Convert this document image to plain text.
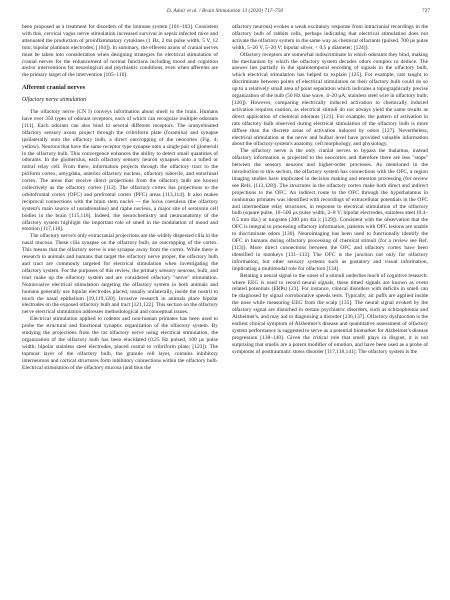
D. Adair et al. / Brain Stimulation 13 (2020) 717–750	727

been proposed as a treatment for disorders of the immune system [101–103]. Consistent with this, cervical vagus nerve stimulation increased survival in sepsis infected mice and attenuated the production of proinflammatory cytokines (1 Hz, 2 ms pulse width, 5 V, 12 min; bipolar platinum electrodes; [104]). In summary, the efferent axons of cranial nerves must be taken into consideration when designing strategies for electrical stimulation of cranial nerves for the enhancement of normal functions including mood and cognition and/or interventions for neurological and psychiatric conditions, even when afferents are the primary target of the intervention [105–110].

Afferent cranial nerves
Olfactory nerve stimulation

The olfactory nerve (CN I) conveys information about smell to the brain. Humans have over 350 types of odorant receptors, each of which can recognize multiple odorants [111]. Each odorant can also bind to several different receptors. The unmyelinated olfactory sensory axons project through the cribriform plate (foramina) and synapse ipsilaterally onto the olfactory bulb, a direct outcropping of the neocortex (Fig. 4; yellow). Neurons that have the same receptor type synapse onto a single pair of glomeruli in the olfactory bulb. This convergence enhances the ability to detect small quantities of odorants. In the glomerulus, each olfactory sensory neuron synapses onto a tufted or mitral relay cell. From there, information projects through the olfactory tract to the piriform cortex, amygdala, anterior olfactory nucleus, olfactory tubercle, and entorhinal cortex. The areas that receive direct projections from the olfactory bulb are known collectively as the olfactory cortex [112]. The olfactory cortex has projections to the orbitofrontal cortex (OFC) and prefrontal cortex (PFC) areas [113,114]. It also makes reciprocal connections with the brain stem nuclei — the locus coeruleus (the olfactory system's main source of noradrenaline) and raphe nucleus, a major site of serotonin cell bodies in the brain [115,116]. Indeed, the neurochemistry and neuroanatomy of the olfactory system highlight the important role of smell in the modulation of mood and emotion [117,118].

The olfactory nerve's only extracranial projections are the widely dispersed cilia in the nasal mucosa. These cilia synapse on the olfactory bulb, an outcropping of the cortex. This means that the olfactory nerve is one synapse away from the cortex. While there is research in animals and humans that target the olfactory nerve proper, the olfactory bulb and tract are commonly targeted for electrical stimulation when investigating the olfactory system. For the purposes of this review, the primary sensory neurons, bulb, and tract make up the olfactory system and are considered olfactory "nerve" stimulation. Noninvasive electrical stimulation targeting the olfactory system in both animals and humans generally use bipolar electrodes placed, usually unilaterally, inside the nostril to touch the nasal epithelium [19,119,120]. Invasive research in animals place bipolar electrodes on the exposed olfactory bulb and tract [121,122]. This section on the olfactory nerve electrical stimulation addresses methodological and conceptual issues.

Electrical stimulation applied to rodents and non-human primates has been used to probe the structural and functional synaptic organization of the olfactory system. By studying the projections from the rat olfactory nerve using electrical stimulation, the organization of the olfactory bulb has been elucidated (0.25 Hz pulsed, 100 μs pulse width; bipolar stainless steel electrodes, placed rostral to cribriform plate; [123]). The topmost layer of the olfactory bulb, the granule cell layer, contains inhibitory interneurons and cortical structures form inhibitory connections within the olfactory bulb. Electrical stimulation of the olfactory mucosa (and thus the

olfactory neurons) evokes a weak excitatory response from intracranial recordings in the olfactory bulb of rabbits cells, perhaps indicating that electrical stimulation does not activate the olfactory system in the same way as chemical olfactants (pulsed, 700 μs pulse width, 5–20 V, 5–20 V; bipolar silver, < 0.5 μ diameter; [124]).

Olfactory receptors are somewhat indiscriminate in which odorants they bind, making the mechanism by which the olfactory system decodes odors complex to deduce. The answer lies partially in the spatiotemporal encoding of signals in the olfactory bulb, which electrical stimulation has helped to explain [125]. For example, rats taught to discriminate between points of electrical stimulation on their olfactory bulb could do so up to a relatively small area of point separation which indicates a topographically precise organization of the bulb (50 Hz sine wave, 4–20 μA; stainless steel wire in olfactory bulb; [126]). However, comparing electrically induced activation to chemically induced activation requires caution, as electrical stimuli do not always yield the same results as direct application of chemical odorants [121]. For example, the pattern of activation in rats olfactory bulb observed during electrical stimulation of the olfactory bulb is more diffuse than the discrete areas of activation induced by odors [127]. Nevertheless, electrical stimulation at the nerve and bulbar level have provided valuable information about the olfactory system's anatomy, cell morphology, and physiology.

The olfactory nerve is the only cranial nerves to bypass the thalamus, instead olfactory information is projected to the neocortex and therefore there are less "stops" between the sensory neurons and higher-order processes. As mentioned in the introduction to this section, the olfactory system has connections with the OFC, a region imaging studies have implicated in decision making and emotion processing (for review see Refs. [113,128]). The structures in the olfactory cortex make both direct and indirect projections to the OFC. An indirect route to the OFC through the hypothalamus in nonhuman primates was identified with recordings of extracellular potentials in the OFC and intermediate relay structures, in response to electrical stimulation of the olfactory bulb (square pulse, 10–500 μs pulse width, 2–8 V; bipolar electrodes, stainless steel (0.4–0.5 mm dia.) or tungsten (300 μm dia.); [129]). Consistent with the observation that the OFC is integral to processing olfactory information, patients with OFC lesions are unable to discriminate odors [130]. Neuroimaging has been used to functionally identify the OFC in humans during olfactory processing of chemical stimuli (for a review see Ref. [113]). More direct connections between the OFC and olfactory cortex have been identified in monkeys [131–133]. The OFC is the junction not only for olfactory information, but other sensory systems such as gustatory and visual information, implicating a multimodal role for olfaction [134].

Relating a neural signal to the onset of a stimuli underlies much of cognitive research: where EEG is used to record neural signals, these timed signals are known as event related potentials (ERPs) [23]. For instance, clinical disorders with deficits in smell can be diagnosed by signal corroborative speeds tests. Typically, air puffs are applied inside the nose while measuring EEG from the scalp [135]. The neural signal evoked by the olfactory signal are disturbed in certain psychiatric disorders, such as schizophrenia and Alzheimer's, and may aid in diagnosing a disorder [136,137]. Olfactory dysfunction is the earliest clinical symptom of Alzheimer's disease and quantitative assessment of olfactory system performance is suggested to serve as a potential biomarker for Alzheimer's disease progression [138–140]. Given the critical role that smell plays in disgust, it is not surprising that smells are a potent modifier of emotion, and have been used as a probe of symptoms of posttraumatic stress disorder [117,118,141]. The olfactory system is the
